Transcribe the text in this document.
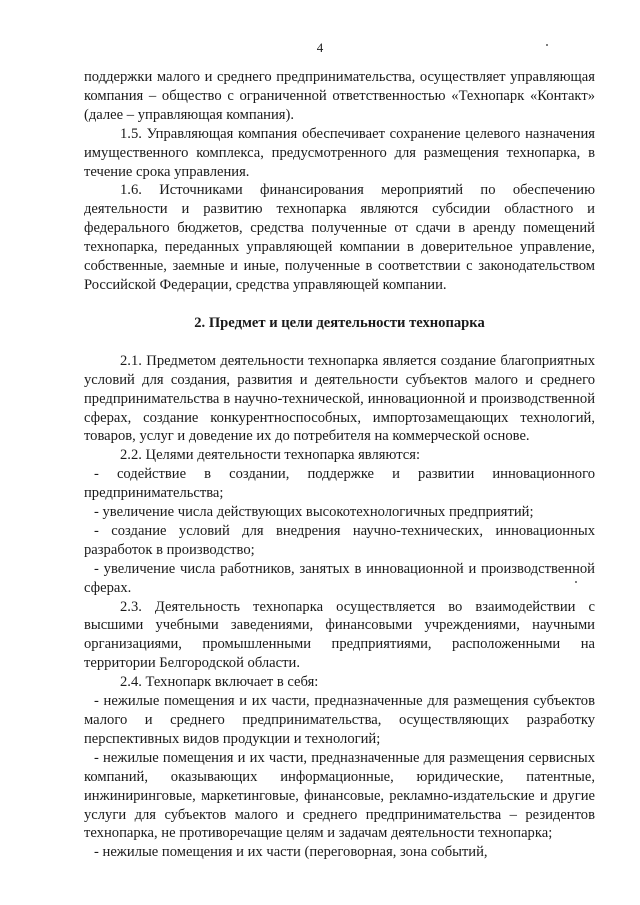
4

поддержки малого и среднего предпринимательства, осуществляет управляющая компания – общество с ограниченной ответственностью «Технопарк «Контакт» (далее – управляющая компания).

1.5. Управляющая компания обеспечивает сохранение целевого назначения имущественного комплекса, предусмотренного для размещения технопарка, в течение срока управления.

1.6. Источниками финансирования мероприятий по обеспечению деятельности и развитию технопарка являются субсидии областного и федерального бюджетов, средства полученные от сдачи в аренду помещений технопарка, переданных управляющей компании в доверительное управление, собственные, заемные и иные, полученные в соответствии с законодательством Российской Федерации, средства управляющей компании.

2. Предмет и цели деятельности технопарка

2.1. Предметом деятельности технопарка является создание благоприятных условий для создания, развития и деятельности субъектов малого и среднего предпринимательства в научно-технической, инновационной и производственной сферах, создание конкурентноспособных, импортозамещающих технологий, товаров, услуг и доведение их до потребителя на коммерческой основе.

2.2. Целями деятельности технопарка являются:

- содействие в создании, поддержке и развитии инновационного предпринимательства;

- увеличение числа действующих высокотехнологичных предприятий;

- создание условий для внедрения научно-технических, инновационных разработок в производство;

- увеличение числа работников, занятых в инновационной и производственной сферах.

2.3. Деятельность технопарка осуществляется во взаимодействии с высшими учебными заведениями, финансовыми учреждениями, научными организациями, промышленными предприятиями, расположенными на территории Белгородской области.

2.4. Технопарк включает в себя:

- нежилые помещения и их части, предназначенные для размещения субъектов малого и среднего предпринимательства, осуществляющих разработку перспективных видов продукции и технологий;

- нежилые помещения и их части, предназначенные для размещения сервисных компаний, оказывающих информационные, юридические, патентные, инжиниринговые, маркетинговые, финансовые, рекламно-издательские и другие услуги для субъектов малого и среднего предпринимательства – резидентов технопарка, не противоречащие целям и задачам деятельности технопарка;

- нежилые помещения и их части (переговорная, зона событий,
